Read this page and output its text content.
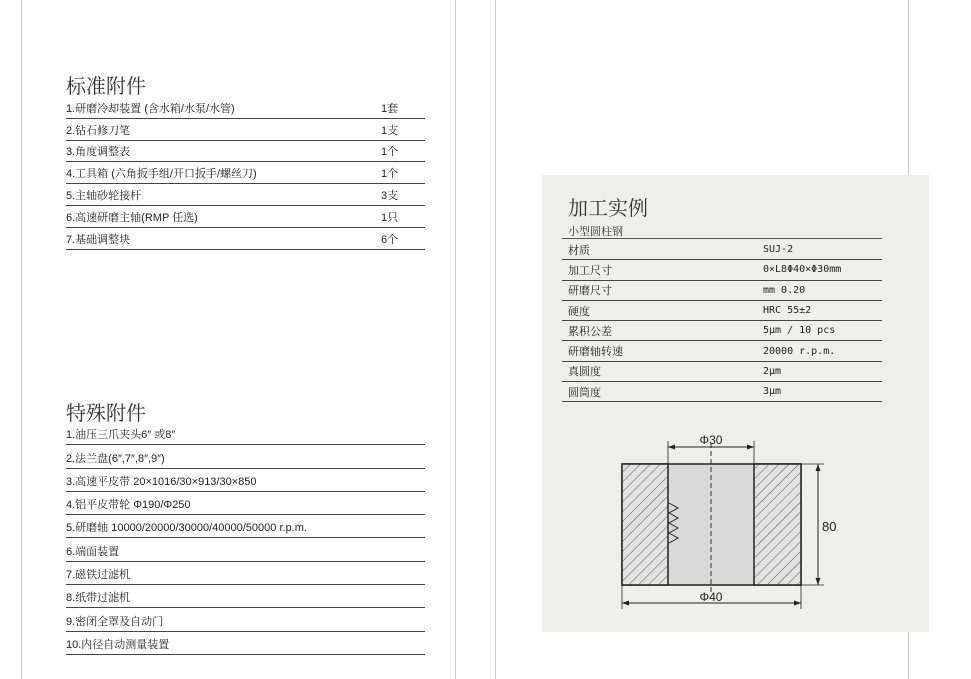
标准附件
1.研磨冷却装置 (含水箱/水泵/水管)	1套
2.钻石修刀笔	1支
3.角度调整表	1个
4.工具箱 (六角扳手组/开口扳手/螺丝刀)	1个
5.主轴砂轮接杆	3支
6.高速研磨主轴(RMP 任选)	1只
7.基础调整块	6个
特殊附件
1.油压三爪夹头6″ 或8″
2.法兰盘(6″,7″,8″,9″)
3.高速平皮带 20×1016/30×913/30×850
4.铝平皮带轮 Φ190/Φ250
5.研磨轴 10000/20000/30000/40000/50000 r.p.m.
6.端面装置
7.磁铁过滤机
8.纸带过滤机
9.密闭全罩及自动门
10.内径自动测量装置
加工实例
小型圆柱钢
材质	SUJ-2
加工尺寸	0×L8Φ40×Φ30mm
研磨尺寸	mm 0.20
硬度	HRC 55±2
累积公差	5μm / 10 pcs
研磨轴转速	20000 r.p.m.
真圆度	2μm
圆筒度	3μm
Φ30
Φ40
80
